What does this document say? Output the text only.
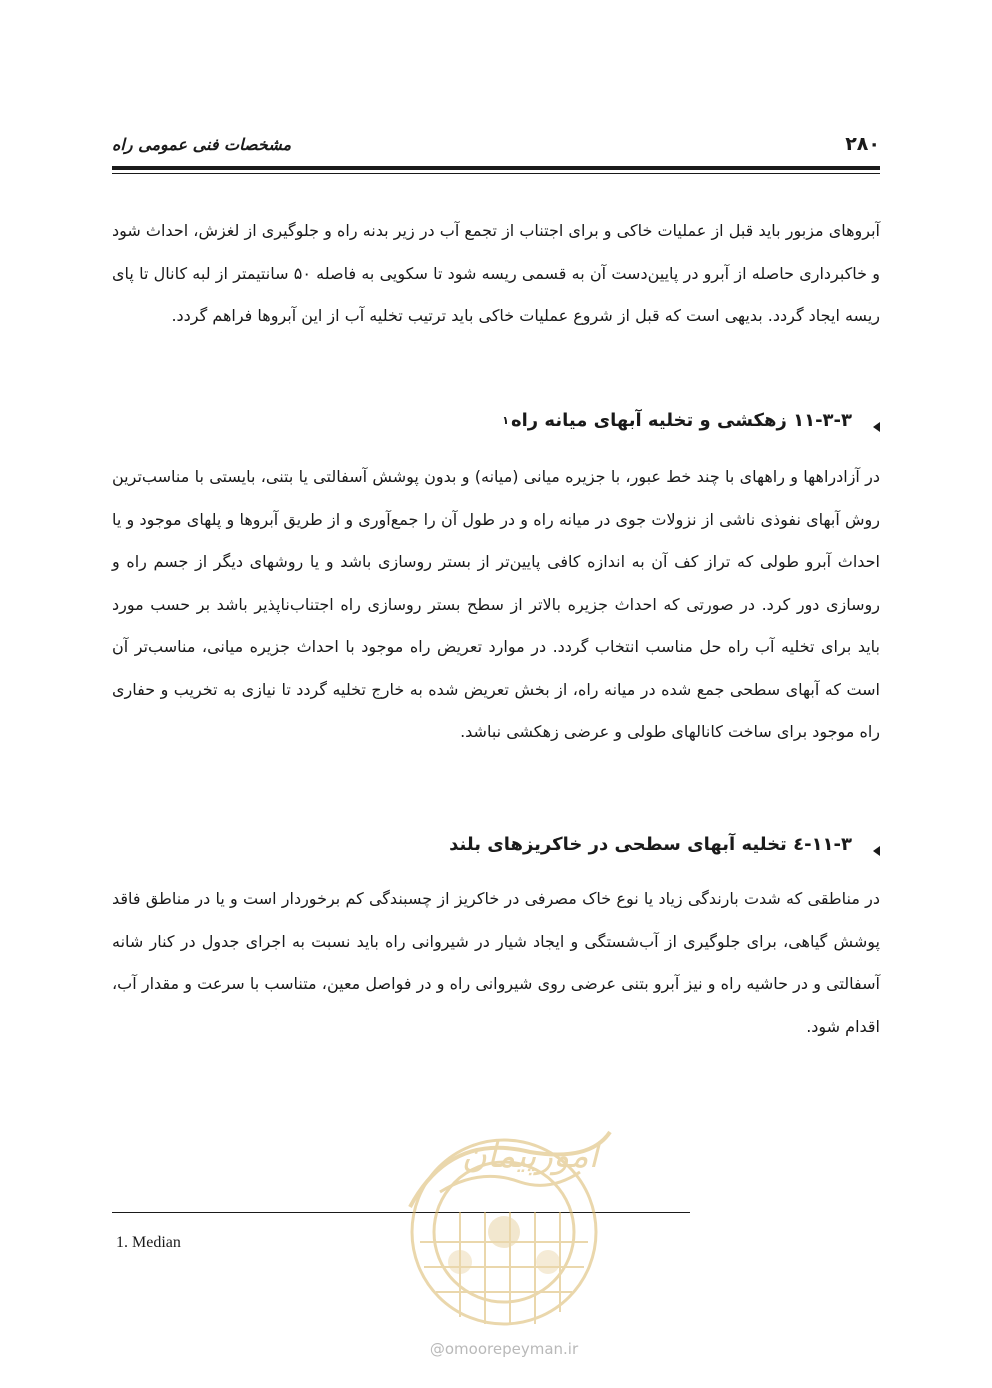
مشخصات فنی عمومی راه	۲۸۰

آبروهای مزبور باید قبل از عملیات خاکی و برای اجتناب از تجمع آب در زیر بدنه راه و جلوگیری از لغزش، احداث شود و خاکبرداری حاصله از آبرو در پایین‌دست آن به قسمی ریسه شود تا سکویی به فاصله ۵۰ سانتیمتر از لبه کانال تا پای ریسه ایجاد گردد. بدیهی است که قبل از شروع عملیات خاکی باید ترتیب تخلیه آب از این آبروها فراهم گردد.

۱۱-۳-۳ زهکشی و تخلیه آبهای میانه راه
۱

در آزادراهها و راههای با چند خط عبور، با جزیره میانی (میانه) و بدون پوشش آسفالتی یا بتنی، بایستی با مناسب‌ترین روش آبهای نفوذی ناشی از نزولات جوی در میانه راه و در طول آن را جمع‌آوری و از طریق آبروها و پلهای موجود و یا احداث آبرو طولی که تراز کف آن به اندازه کافی پایین‌تر از بستر روسازی باشد و یا روشهای دیگر از جسم راه و روسازی دور کرد. در صورتی که احداث جزیره بالاتر از سطح بستر روسازی راه اجتناب‌ناپذیر باشد بر حسب مورد باید برای تخلیه آب راه حل مناسب انتخاب گردد. در موارد تعریض راه موجود با احداث جزیره میانی، مناسب‌تر آن است که آبهای سطحی جمع شده در میانه راه، از بخش تعریض شده به خارج تخلیه گردد تا نیازی به تخریب و حفاری راه موجود برای ساخت کانالهای طولی و عرضی زهکشی نباشد.

۱۱-۳-٤ تخلیه آبهای سطحی در خاکریزهای بلند

در مناطقی که شدت بارندگی زیاد یا نوع خاک مصرفی در خاکریز از چسبندگی کم برخوردار است و یا در مناطق فاقد پوشش گیاهی، برای جلوگیری از آب‌شستگی و ایجاد شیار در شیروانی راه باید نسبت به اجرای جدول در کنار شانه آسفالتی و در حاشیه راه و نیز آبرو بتنی عرضی روی شیروانی راه و در فواصل معین، متناسب با سرعت و مقدار آب، اقدام شود.

1. Median
امورپیمان
@omoorepeyman.ir
